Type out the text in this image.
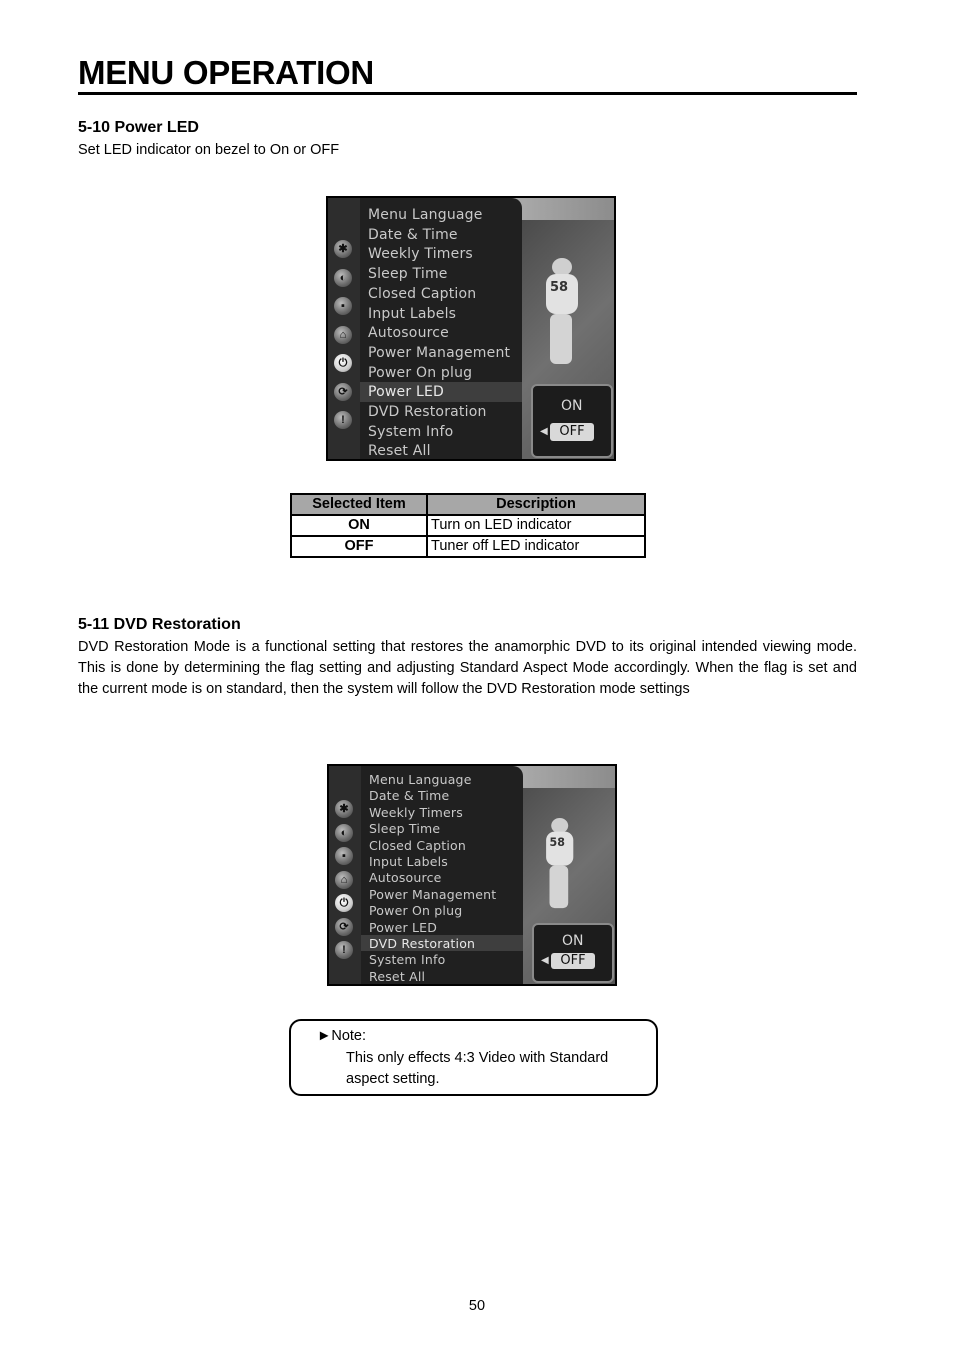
MENU OPERATION
5-10 Power LED
Set LED indicator on bezel to On or OFF
58
✱
◐
▪
⌂
⏻
⟳
!
Menu Language
Date & Time
Weekly Timers
Sleep Time
Closed Caption
Input Labels
Autosource
Power Management
Power On plug
Power LED
DVD Restoration
System Info
Reset All
ON
◀ OFF
Selected Item	Description
ON	Turn on LED indicator
OFF	Tuner off LED indicator
5-11 DVD Restoration
DVD Restoration Mode is a functional setting that restores the anamorphic DVD to its original intended viewing mode. This is done by determining the flag setting and adjusting Standard Aspect Mode accordingly. When the flag is set and the current mode is on standard, then the system will follow the DVD Restoration mode settings
58
✱
◐
▪
⌂
⏻
⟳
!
Menu Language
Date & Time
Weekly Timers
Sleep Time
Closed Caption
Input Labels
Autosource
Power Management
Power On plug
Power LED
DVD Restoration
System Info
Reset All
ON
◀ OFF
►Note:
This only effects 4:3 Video with Standard aspect setting.
50
